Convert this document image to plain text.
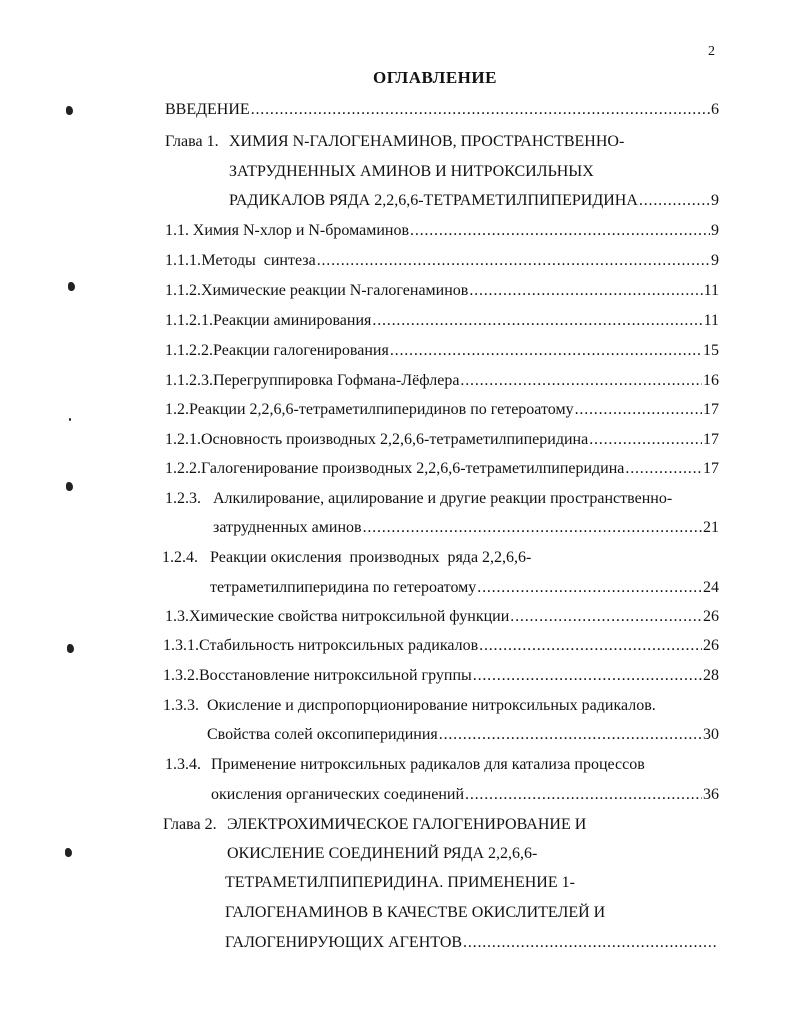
2
ОГЛАВЛЕНИЕ
ВВЕДЕНИЕ . . .	6
Глава 1. ХИМИЯ N-ГАЛОГЕНАМИНОВ, ПРОСТРАНСТВЕННО-
ЗАТРУДНЕННЫХ АМИНОВ И НИТРОКСИЛЬНЫХ
РАДИКАЛОВ РЯДА 2,2,6,6-ТЕТРАМЕТИЛПИПЕРИДИНА . . .	9
1.1. Химия N-хлор и N-бромаминов . . .	9
1.1.1. Методы  синтеза . . .	9
1.1.2. Химические реакции N-галогенаминов . . .	11
1.1.2.1. Реакции аминирования . . .	11
1.1.2.2. Реакции галогенирования . . .	15
1.1.2.3. Перегруппировка Гофмана-Лёфлера . . .	16
1.2. Реакции 2,2,6,6-тетраметилпиперидинов по гетероатому . . .	17
1.2.1. Основность производных 2,2,6,6-тетраметилпиперидина . . .	17
1.2.2. Галогенирование производных 2,2,6,6-тетраметилпиперидина . . .	17
1.2.3. Алкилирование, ацилирование и другие реакции пространственно-
затрудненных аминов . . .	21
1.2.4. Реакции окисления  производных  ряда 2,2,6,6-
тетраметилпиперидина по гетероатому . . .	24
1.3. Химические свойства нитроксильной функции . . .	26
1.3.1. Стабильность нитроксильных радикалов . . .	26
1.3.2. Восстановление нитроксильной группы . . .	28
1.3.3. Окисление и диспропорционирование нитроксильных радикалов.
Свойства солей оксопиперидиния . . .	30
1.3.4. Применение нитроксильных радикалов для катализа процессов
окисления органических соединений . . .	36
Глава 2. ЭЛЕКТРОХИМИЧЕСКОЕ ГАЛОГЕНИРОВАНИЕ И
ОКИСЛЕНИЕ СОЕДИНЕНИЙ РЯДА 2,2,6,6-
ТЕТРАМЕТИЛПИПЕРИДИНА. ПРИМЕНЕНИЕ 1-
ГАЛОГЕНАМИНОВ В КАЧЕСТВЕ ОКИСЛИТЕЛЕЙ И
ГАЛОГЕНИРУЮЩИХ АГЕНТОВ
. . .
